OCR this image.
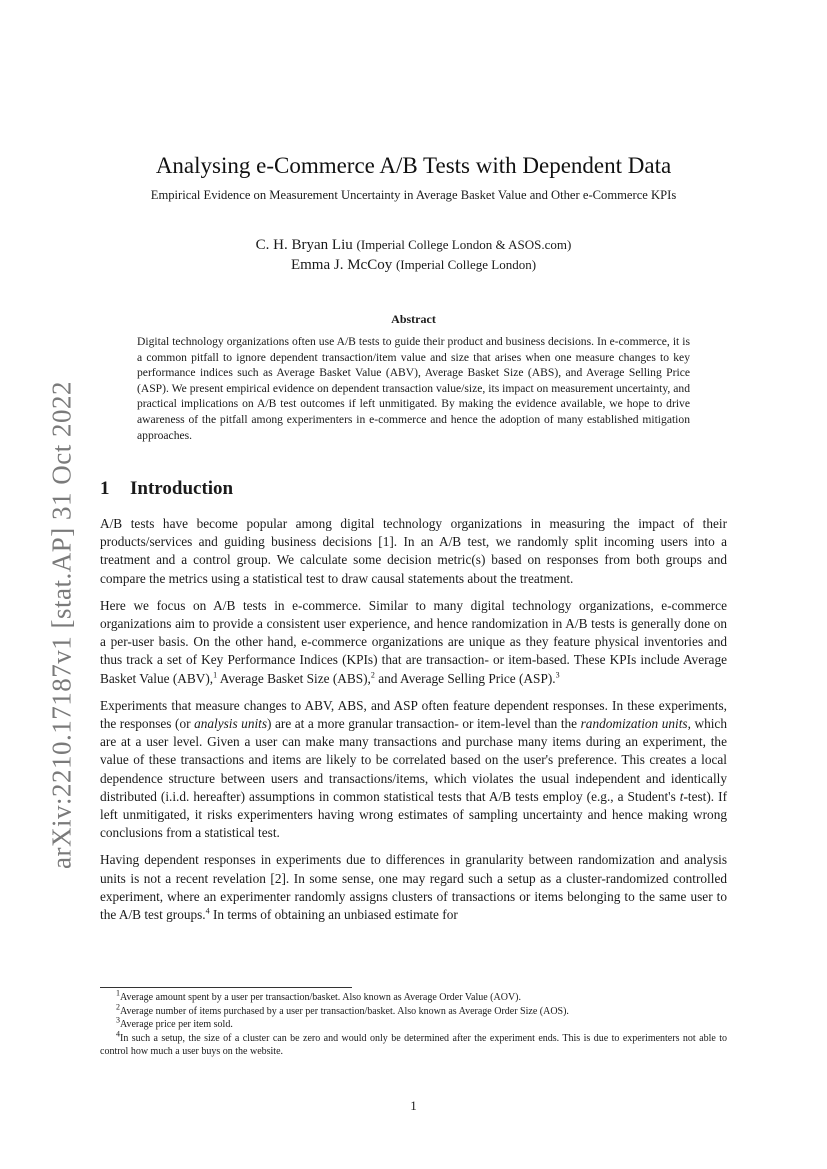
arXiv:2210.17187v1 [stat.AP] 31 Oct 2022
Analysing e-Commerce A/B Tests with Dependent Data
Empirical Evidence on Measurement Uncertainty in Average Basket Value and Other e-Commerce KPIs
C. H. Bryan Liu (Imperial College London & ASOS.com)
Emma J. McCoy (Imperial College London)
Abstract
Digital technology organizations often use A/B tests to guide their product and business decisions. In e-commerce, it is a common pitfall to ignore dependent transaction/item value and size that arises when one measure changes to key performance indices such as Average Basket Value (ABV), Average Basket Size (ABS), and Average Selling Price (ASP). We present empirical evidence on dependent transaction value/size, its impact on measurement uncertainty, and practical implications on A/B test outcomes if left unmitigated. By making the evidence available, we hope to drive awareness of the pitfall among experimenters in e-commerce and hence the adoption of many established mitigation approaches.
1 Introduction

A/B tests have become popular among digital technology organizations in measuring the impact of their products/services and guiding business decisions [1]. In an A/B test, we randomly split incoming users into a treatment and a control group. We calculate some decision metric(s) based on responses from both groups and compare the metrics using a statistical test to draw causal statements about the treatment.

Here we focus on A/B tests in e-commerce. Similar to many digital technology organizations, e-commerce organizations aim to provide a consistent user experience, and hence randomization in A/B tests is generally done on a per-user basis. On the other hand, e-commerce organizations are unique as they feature physical inventories and thus track a set of Key Performance Indices (KPIs) that are transaction- or item-based. These KPIs include Average Basket Value (ABV),$^1$ Average Basket Size (ABS),$^2$ and Average Selling Price (ASP).$^3$

Experiments that measure changes to ABV, ABS, and ASP often feature dependent responses. In these experiments, the responses (or analysis units) are at a more granular transaction- or item-level than the randomization units, which are at a user level. Given a user can make many transactions and purchase many items during an experiment, the value of these transactions and items are likely to be correlated based on the user's preference. This creates a local dependence structure between users and transactions/items, which violates the usual independent and identically distributed (i.i.d. hereafter) assumptions in common statistical tests that A/B tests employ (e.g., a Student's t-test). If left unmitigated, it risks experimenters having wrong estimates of sampling uncertainty and hence making wrong conclusions from a statistical test.

Having dependent responses in experiments due to differences in granularity between randomization and analysis units is not a recent revelation [2]. In some sense, one may regard such a setup as a cluster-randomized controlled experiment, where an experimenter randomly assigns clusters of transactions or items belonging to the same user to the A/B test groups.$^4$ In terms of obtaining an unbiased estimate for

$^1$Average amount spent by a user per transaction/basket. Also known as Average Order Value (AOV).

$^2$Average number of items purchased by a user per transaction/basket. Also known as Average Order Size (AOS).

$^3$Average price per item sold.

$^4$In such a setup, the size of a cluster can be zero and would only be determined after the experiment ends. This is due to experimenters not able to control how much a user buys on the website.

1
